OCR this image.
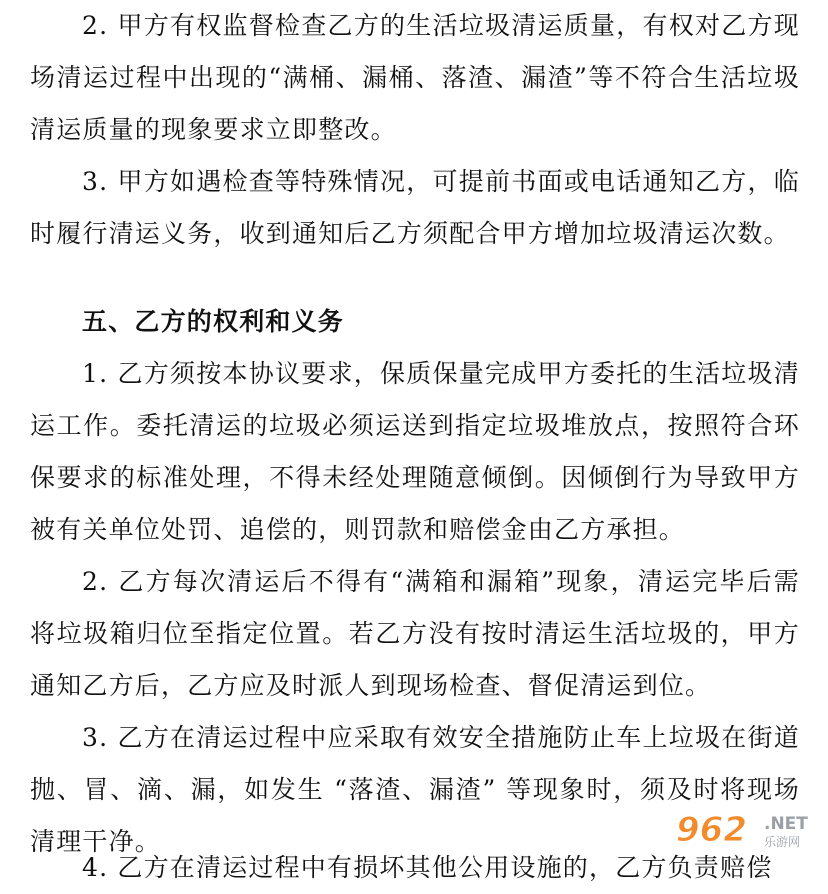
2. 甲方有权监督检查乙方的生活垃圾清运质量，有权对乙方现场清运过程中出现的“满桶、漏桶、落渣、漏渣”等不符合生活垃圾清运质量的现象要求立即整改。

3. 甲方如遇检查等特殊情况，可提前书面或电话通知乙方，临时履行清运义务，收到通知后乙方须配合甲方增加垃圾清运次数。

五、乙方的权利和义务

1. 乙方须按本协议要求，保质保量完成甲方委托的生活垃圾清运工作。委托清运的垃圾必须运送到指定垃圾堆放点，按照符合环保要求的标准处理，不得未经处理随意倾倒。因倾倒行为导致甲方被有关单位处罚、追偿的，则罚款和赔偿金由乙方承担。

2. 乙方每次清运后不得有“满箱和漏箱”现象，清运完毕后需将垃圾箱归位至指定位置。若乙方没有按时清运生活垃圾的，甲方通知乙方后，乙方应及时派人到现场检查、督促清运到位。

3. 乙方在清运过程中应采取有效安全措施防止车上垃圾在街道抛、冒、滴、漏，如发生 “落渣、漏渣” 等现象时，须及时将现场清理干净。

4. 乙方在清运过程中有损坏其他公用设施的，乙方负责赔偿
962 .NET
乐游网
